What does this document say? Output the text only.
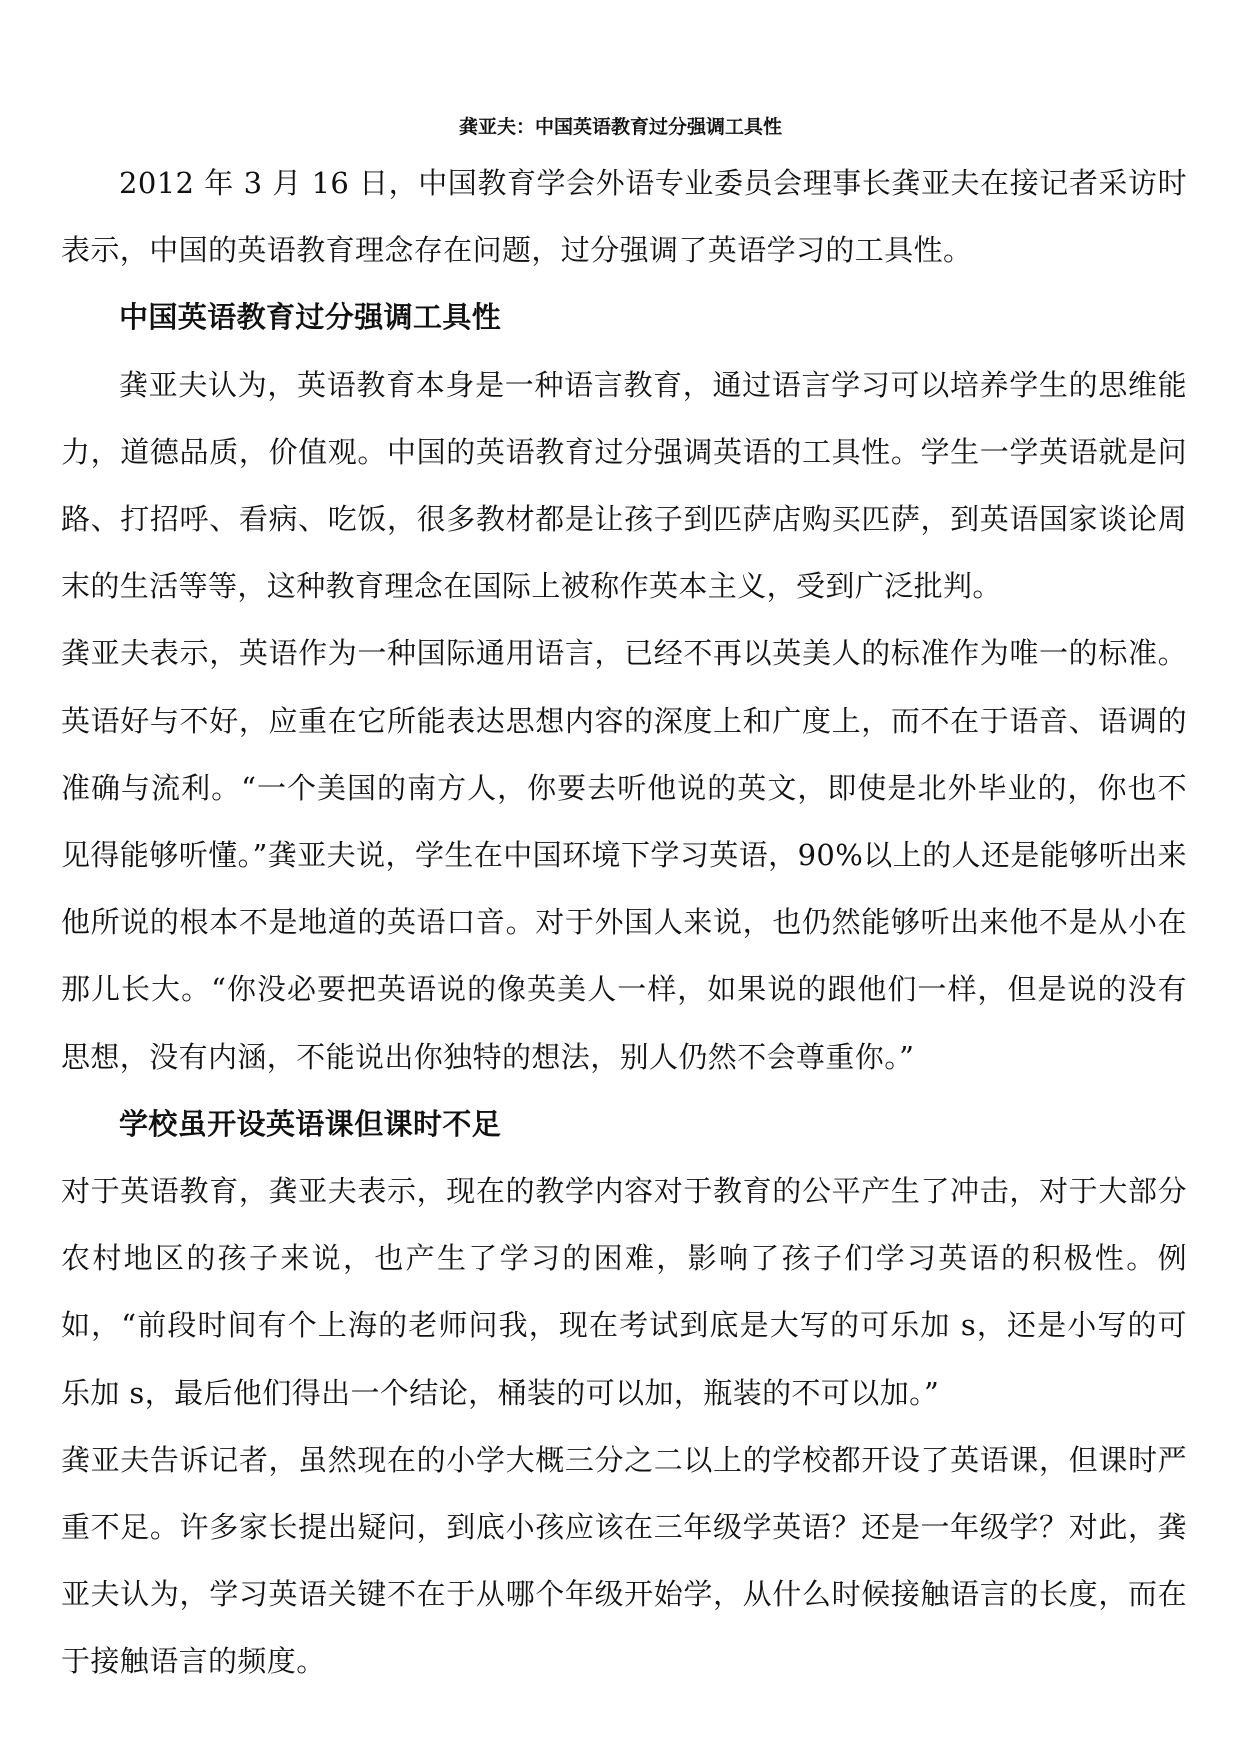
龚亚夫：中国英语教育过分强调工具性

2012 年 3 月 16 日，中国教育学会外语专业委员会理事长龚亚夫在接记者采访时表示，中国的英语教育理念存在问题，过分强调了英语学习的工具性。

中国英语教育过分强调工具性

龚亚夫认为，英语教育本身是一种语言教育，通过语言学习可以培养学生的思维能力，道德品质，价值观。中国的英语教育过分强调英语的工具性。学生一学英语就是问路、打招呼、看病、吃饭，很多教材都是让孩子到匹萨店购买匹萨，到英语国家谈论周末的生活等等，这种教育理念在国际上被称作英本主义，受到广泛批判。

龚亚夫表示，英语作为一种国际通用语言，已经不再以英美人的标准作为唯一的标准。英语好与不好，应重在它所能表达思想内容的深度上和广度上，而不在于语音、语调的准确与流利。“一个美国的南方人，你要去听他说的英文，即使是北外毕业的，你也不见得能够听懂。”龚亚夫说，学生在中国环境下学习英语，90%以上的人还是能够听出来他所说的根本不是地道的英语口音。对于外国人来说，也仍然能够听出来他不是从小在那儿长大。“你没必要把英语说的像英美人一样，如果说的跟他们一样，但是说的没有思想，没有内涵，不能说出你独特的想法，别人仍然不会尊重你。”

学校虽开设英语课但课时不足

对于英语教育，龚亚夫表示，现在的教学内容对于教育的公平产生了冲击，对于大部分农村地区的孩子来说，也产生了学习的困难，影响了孩子们学习英语的积极性。例如，“前段时间有个上海的老师问我，现在考试到底是大写的可乐加 s，还是小写的可乐加 s，最后他们得出一个结论，桶装的可以加，瓶装的不可以加。”

龚亚夫告诉记者，虽然现在的小学大概三分之二以上的学校都开设了英语课，但课时严重不足。许多家长提出疑问，到底小孩应该在三年级学英语？还是一年级学？对此，龚亚夫认为，学习英语关键不在于从哪个年级开始学，从什么时候接触语言的长度，而在于接触语言的频度。
